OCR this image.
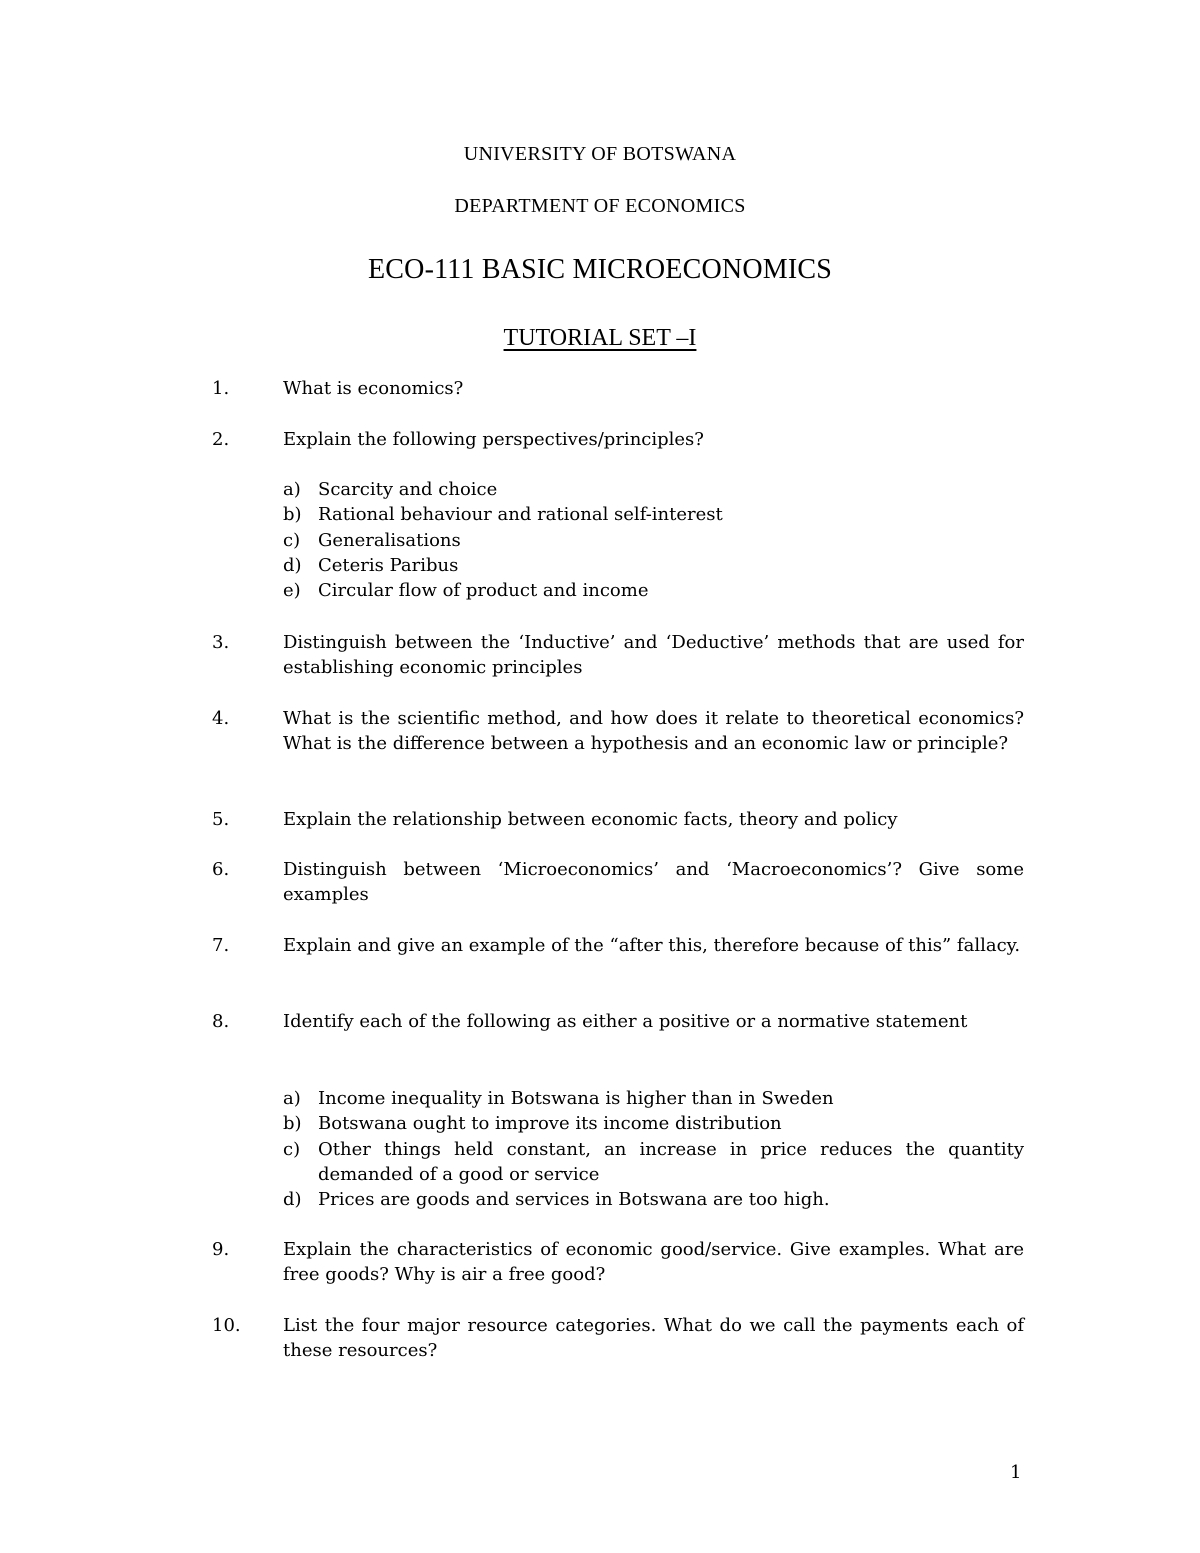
UNIVERSITY OF BOTSWANA
DEPARTMENT OF ECONOMICS
ECO-111 BASIC MICROECONOMICS
TUTORIAL SET –I
1.	What is economics?
2.	Explain the following perspectives/principles?
a) Scarcity and choice
b) Rational behaviour and rational self-interest
c) Generalisations
d) Ceteris Paribus
e) Circular flow of product and income
3.	Distinguish between the ‘Inductive’ and ‘Deductive’ methods that are used for establishing economic principles
4.	What is the scientific method, and how does it relate to theoretical economics? What is the difference between a hypothesis and an economic law or principle?
5.	Explain the relationship between economic facts, theory and policy
6.	Distinguish between ‘Microeconomics’ and ‘Macroeconomics’? Give some examples
7.	Explain and give an example of the “after this, therefore because of this” fallacy.
8.	Identify each of the following as either a positive or a normative statement
a) Income inequality in Botswana is higher than in Sweden
b) Botswana ought to improve its income distribution
c) Other things held constant, an increase in price reduces the quantity demanded of a good or service
d) Prices are goods and services in Botswana are too high.
9.	Explain the characteristics of economic good/service. Give examples. What are free goods? Why is air a free good?
10. List the four major resource categories. What do we call the payments each of these resources?
1
